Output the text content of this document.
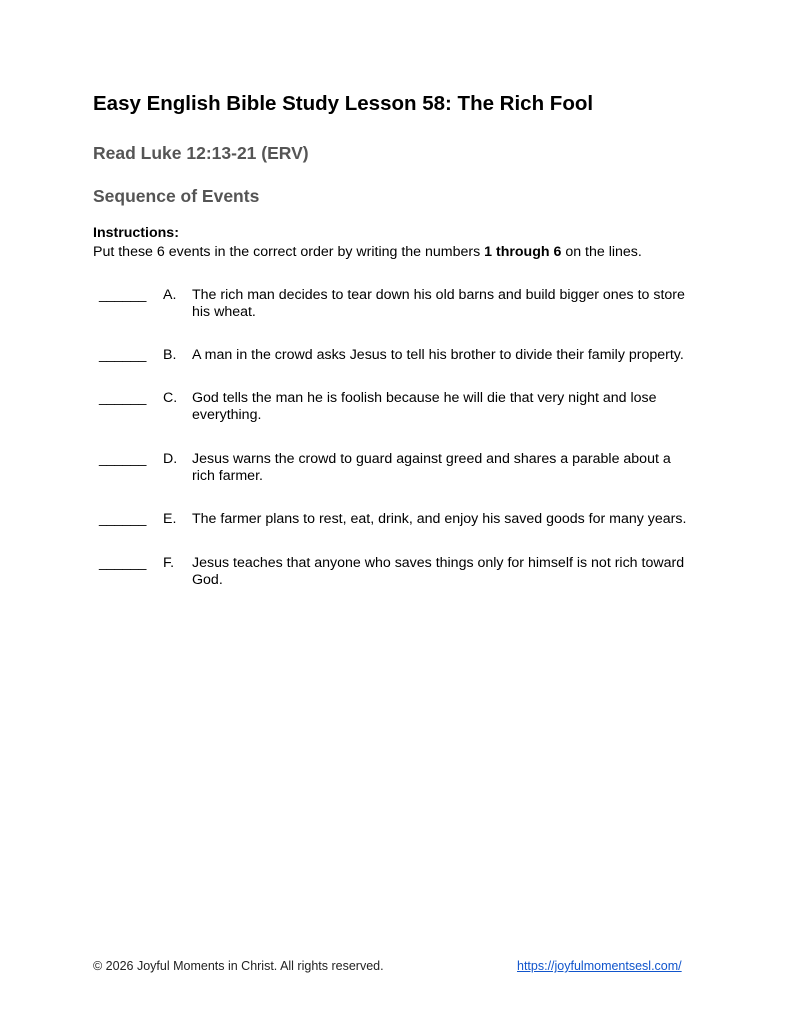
Easy English Bible Study Lesson 58: The Rich Fool
Read Luke 12:13-21 (ERV)
Sequence of Events
Instructions:
Put these 6 events in the correct order by writing the numbers 1 through 6 on the lines.
______ A. The rich man decides to tear down his old barns and build bigger ones to store his wheat.
______ B. A man in the crowd asks Jesus to tell his brother to divide their family property.
______ C. God tells the man he is foolish because he will die that very night and lose everything.
______ D. Jesus warns the crowd to guard against greed and shares a parable about a rich farmer.
______ E. The farmer plans to rest, eat, drink, and enjoy his saved goods for many years.
______ F. Jesus teaches that anyone who saves things only for himself is not rich toward God.
© 2026 Joyful Moments in Christ. All rights reserved.	https://joyfulmomentsesl.com/
